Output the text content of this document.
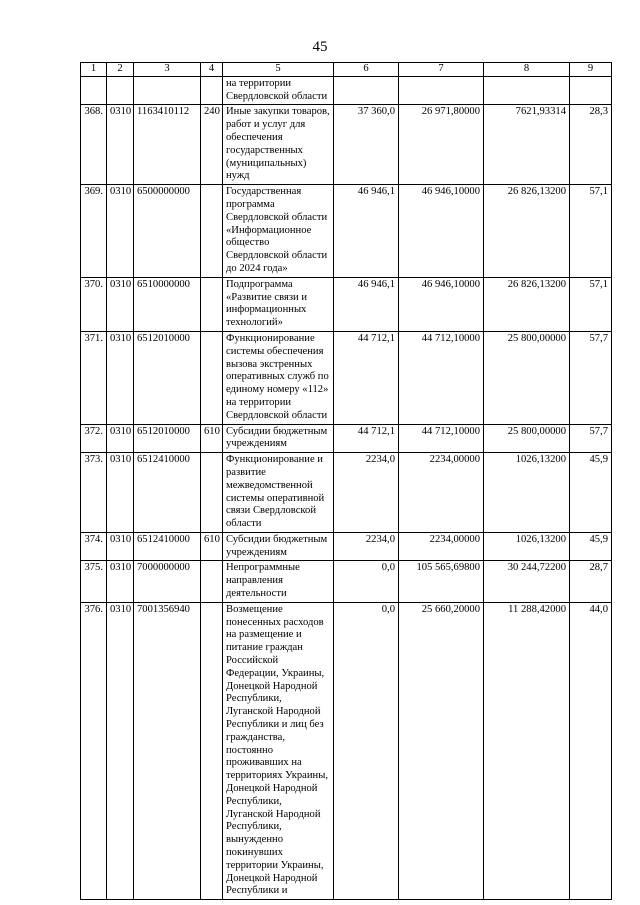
45
1	2	3	4	5	6	7	8	9
				на территории Свердловской области				
368.	0310	1163410112	240	Иные закупки товаров, работ и услуг для обеспечения государственных (муниципальных) нужд	37 360,0	26 971,80000	7621,93314	28,3
369.	0310	6500000000		Государственная программа Свердловской области «Информационное общество Свердловской области до 2024 года»	46 946,1	46 946,10000	26 826,13200	57,1
370.	0310	6510000000		Подпрограмма «Развитие связи и информационных технологий»	46 946,1	46 946,10000	26 826,13200	57,1
371.	0310	6512010000		Функционирование системы обеспечения вызова экстренных оперативных служб по единому номеру «112» на территории Свердловской области	44 712,1	44 712,10000	25 800,00000	57,7
372.	0310	6512010000	610	Субсидии бюджетным учреждениям	44 712,1	44 712,10000	25 800,00000	57,7
373.	0310	6512410000		Функционирование и развитие межведомственной системы оперативной связи Свердловской области	2234,0	2234,00000	1026,13200	45,9
374.	0310	6512410000	610	Субсидии бюджетным учреждениям	2234,0	2234,00000	1026,13200	45,9
375.	0310	7000000000		Непрограммные направления деятельности	0,0	105 565,69800	30 244,72200	28,7
376.	0310	7001356940		Возмещение понесенных расходов на размещение и питание граждан Российской Федерации, Украины, Донецкой Народной Республики, Луганской Народной Республики и лиц без гражданства, постоянно проживавших на территориях Украины, Донецкой Народной Республики, Луганской Народной Республики, вынужденно покинувших территории Украины, Донецкой Народной Республики и	0,0	25 660,20000	11 288,42000	44,0
